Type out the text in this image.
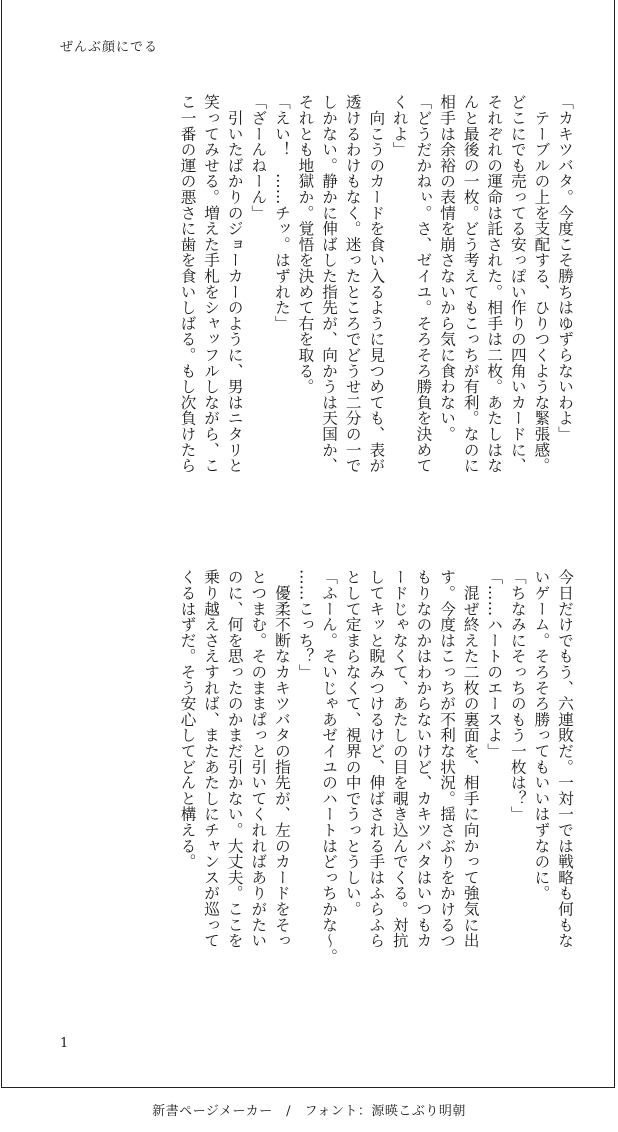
ぜんぶ顔にでる
「カキツバタ。今度こそ勝ちはゆずらないわよ」
　テーブルの上を支配する、ひりつくような緊張感。
どこにでも売ってる安っぽい作りの四角いカードに、
それぞれの運命は託された。相手は二枚。あたしはな
んと最後の一枚。どう考えてもこっちが有利。なのに
相手は余裕の表情を崩さないから気に食わない。
「どうだかねぃ。さ、ゼイユ。そろそろ勝負を決めて
くれよ」
　向こうのカードを食い入るように見つめても、表が
透けるわけもなく。迷ったところでどうせ二分の一で
しかない。静かに伸ばした指先が、向かうは天国か、
それとも地獄か。覚悟を決めて右を取る。
「えい！　……チッ。はずれた」
「ざーんねーん」
　引いたばかりのジョーカーのように、男はニタリと
笑ってみせる。増えた手札をシャッフルしながら、こ
こ一番の運の悪さに歯を食いしばる。もし次負けたら
今日だけでもう、六連敗だ。一対一では戦略も何もな
いゲーム。そろそろ勝ってもいいはずなのに。
「ちなみにそっちのもう一枚は？」
「……ハートのエースよ」
　混ぜ終えた二枚の裏面を、相手に向かって強気に出
す。今度はこっちが不利な状況。揺さぶりをかけるつ
もりなのかはわからないけど、カキツバタはいつもカ
ードじゃなくて、あたしの目を覗き込んでくる。対抗
してキッと睨みつけるけど、伸ばされる手はふらふら
として定まらなくて、視界の中でうっとうしい。
「ふーん。そいじゃあゼイユのハートはどっちかな〜。
……こっち？」
　優柔不断なカキツバタの指先が、左のカードをそっ
とつまむ。そのままぱっと引いてくれればありがたい
のに、何を思ったのかまだ引かない。大丈夫。ここを
乗り越えさえすれば、またあたしにチャンスが巡って
くるはずだ。そう安心してどんと構える。
1
新書ページメーカー　/　フォント：源暎こぶり明朝
